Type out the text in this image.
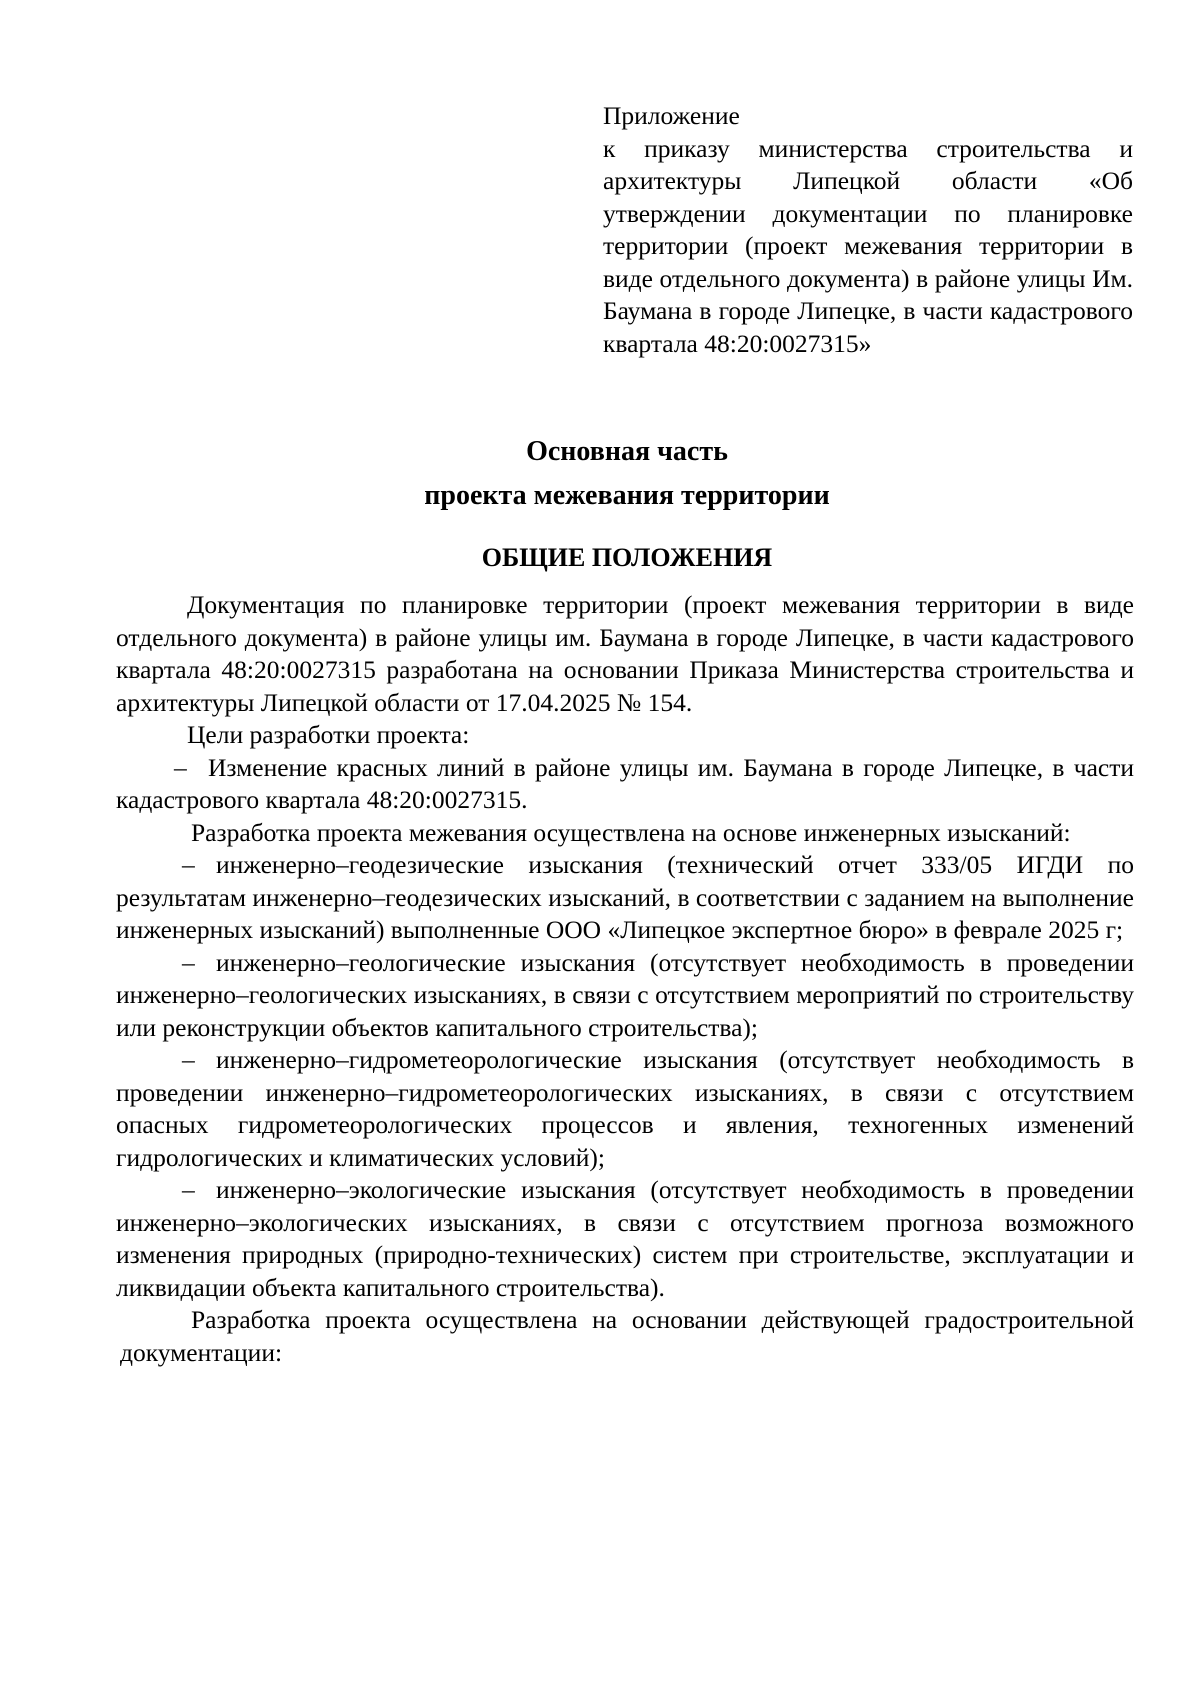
Приложение
к приказу министерства строительства и архитектуры Липецкой области «Об утверждении документации по планировке территории (проект межевания территории в виде отдельного документа) в районе улицы Им. Баумана в городе Липецке, в части кадастрового квартала 48:20:0027315»
Основная часть
проекта межевания территории
ОБЩИЕ ПОЛОЖЕНИЯ

Документация по планировке территории (проект межевания территории в виде отдельного документа) в районе улицы им. Баумана в городе Липецке, в части кадастрового квартала 48:20:0027315 разработана на основании Приказа Министерства строительства и архитектуры Липецкой области от 17.04.2025 № 154.

Цели разработки проекта:

– Изменение красных линий в районе улицы им. Баумана в городе Липецке, в части кадастрового квартала 48:20:0027315.

Разработка проекта межевания осуществлена на основе инженерных изысканий:

– инженерно–геодезические изыскания (технический отчет 333/05 ИГДИ по результатам инженерно–геодезических изысканий, в соответствии с заданием на выполнение инженерных изысканий) выполненные ООО «Липецкое экспертное бюро» в феврале 2025 г;

– инженерно–геологические изыскания (отсутствует необходимость в проведении инженерно–геологических изысканиях, в связи с отсутствием мероприятий по строительству или реконструкции объектов капитального строительства);

– инженерно–гидрометеорологические изыскания (отсутствует необходимость в проведении инженерно–гидрометеорологических изысканиях, в связи с отсутствием опасных гидрометеорологических процессов и явления, техногенных изменений гидрологических и климатических условий);

– инженерно–экологические изыскания (отсутствует необходимость в проведении инженерно–экологических изысканиях, в связи с отсутствием прогноза возможного изменения природных (природно-технических) систем при строительстве, эксплуатации и ликвидации объекта капитального строительства).

Разработка проекта осуществлена на основании действующей градостроительной документации:
